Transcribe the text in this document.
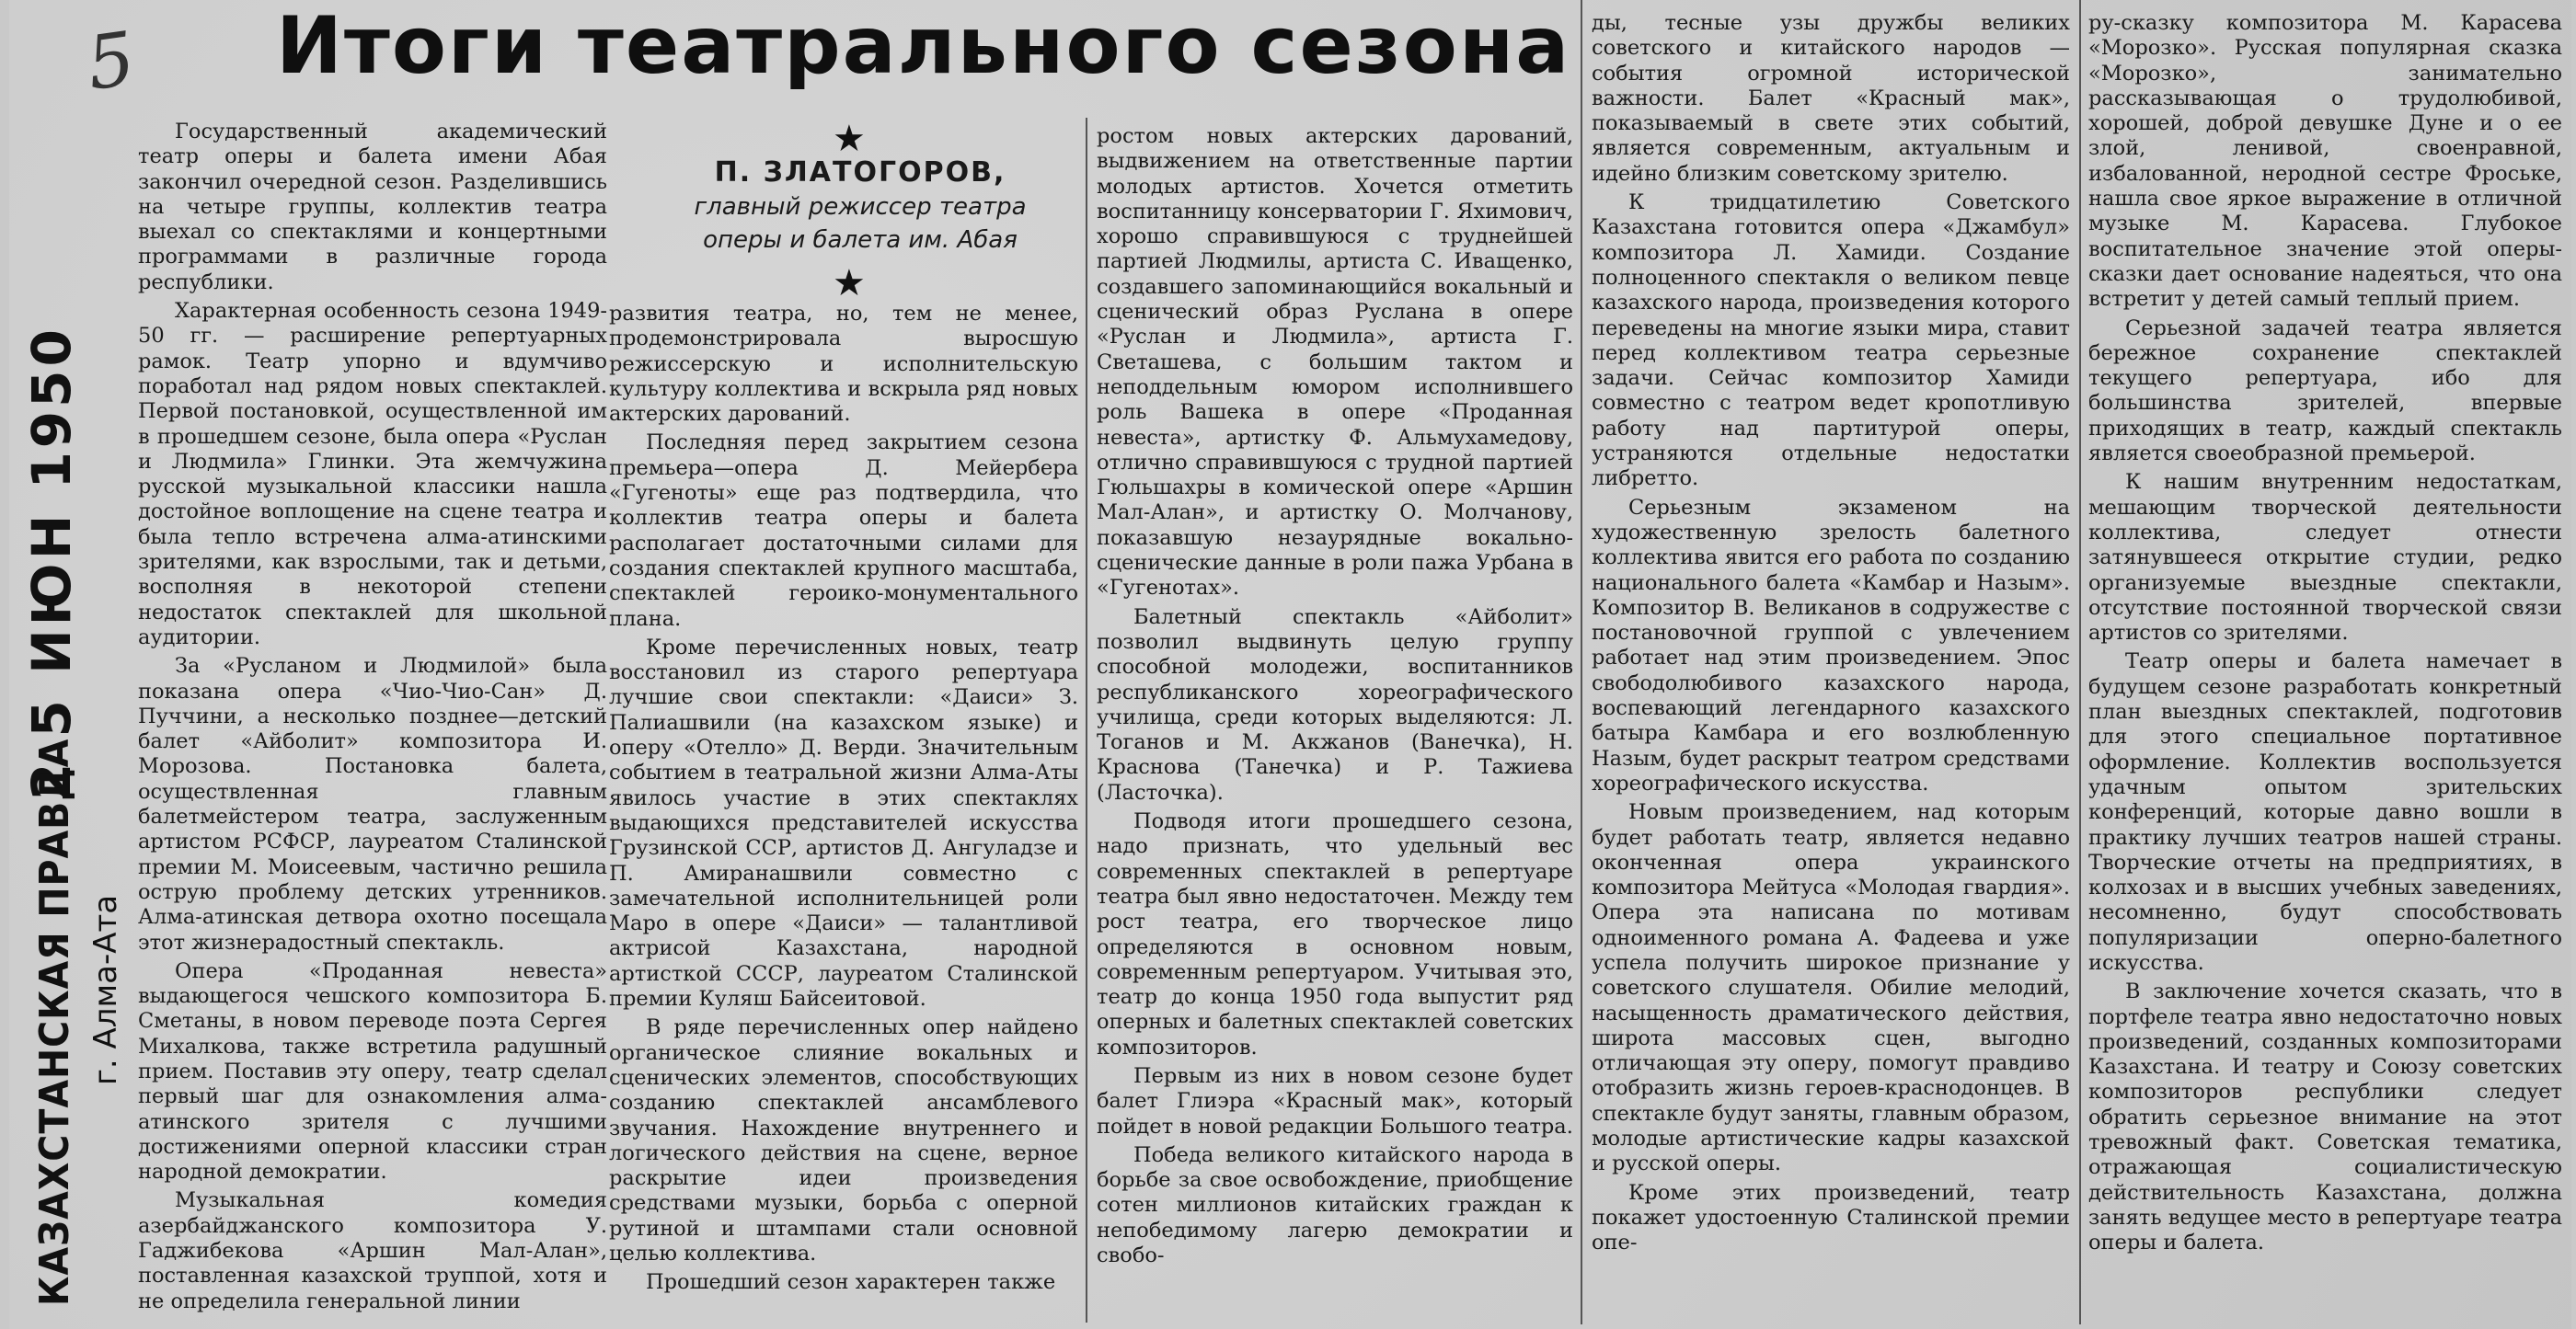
5
2 5 ИЮН 1950
КАЗАХСТАНСКАЯ ПРАВДА г. Алма-Ата
Итоги театрального сезона
★
П. ЗЛАТОГОРОВ,
главный режиссер театра
оперы и балета им. Абая
★

Государственный академический театр оперы и балета имени Абая закончил очередной сезон. Разделившись на четыре группы, коллектив театра выехал со спектаклями и концертными программами в различные города республики.

Характерная особенность сезона 1949-50 гг. — расширение репертуарных рамок. Театр упорно и вдумчиво поработал над рядом новых спектаклей. Первой постановкой, осуществленной им в прошедшем сезоне, была опера «Руслан и Людмила» Глинки. Эта жемчужина русской музыкальной классики нашла достойное воплощение на сцене театра и была тепло встречена алма-атинскими зрителями, как взрослыми, так и детьми, восполняя в некоторой степени недостаток спектаклей для школьной аудитории.

За «Русланом и Людмилой» была показана опера «Чио-Чио-Сан» Д. Пуччини, а несколько позднее—детский балет «Айболит» композитора И. Морозова. Постановка балета, осуществленная главным балетмейстером театра, заслуженным артистом РСФСР, лауреатом Сталинской премии М. Моисеевым, частично решила острую проблему детских утренников. Алма-атинская детвора охотно посещала этот жизнерадостный спектакль.

Опера «Проданная невеста» выдающегося чешского композитора Б. Сметаны, в новом переводе поэта Сергея Михалкова, также встретила радушный прием. Поставив эту оперу, театр сделал первый шаг для ознакомления алма-атинского зрителя с лучшими достижениями оперной классики стран народной демократии.

Музыкальная комедия азербайджанского композитора У. Гаджибекова «Аршин Мал-Алан», поставленная казахской труппой, хотя и не определила генеральной линии

развития театра, но, тем не менее, продемонстрировала выросшую режиссерскую и исполнительскую культуру коллектива и вскрыла ряд новых актерских дарований.

Последняя перед закрытием сезона премьера—опера Д. Мейербера «Гугеноты» еще раз подтвердила, что коллектив театра оперы и балета располагает достаточными силами для создания спектаклей крупного масштаба, спектаклей героико-монументального плана.

Кроме перечисленных новых, театр восстановил из старого репертуара лучшие свои спектакли: «Даиси» З. Палиашвили (на казахском языке) и оперу «Отелло» Д. Верди. Значительным событием в театральной жизни Алма-Аты явилось участие в этих спектаклях выдающихся представителей искусства Грузинской ССР, артистов Д. Ангуладзе и П. Амиранашвили совместно с замечательной исполнительницей роли Маро в опере «Даиси» — талантливой актрисой Казахстана, народной артисткой СССР, лауреатом Сталинской премии Куляш Байсеитовой.

В ряде перечисленных опер найдено органическое слияние вокальных и сценических элементов, способствующих созданию спектаклей ансамблевого звучания. Нахождение внутреннего и логического действия на сцене, верное раскрытие идеи произведения средствами музыки, борьба с оперной рутиной и штампами стали основной целью коллектива.

Прошедший сезон характерен также

ростом новых актерских дарований, выдвижением на ответственные партии молодых артистов. Хочется отметить воспитанницу консерватории Г. Яхимович, хорошо справившуюся с труднейшей партией Людмилы, артиста С. Иващенко, создавшего запоминающийся вокальный и сценический образ Руслана в опере «Руслан и Людмила», артиста Г. Светашева, с большим тактом и неподдельным юмором исполнившего роль Вашека в опере «Проданная невеста», артистку Ф. Альмухамедову, отлично справившуюся с трудной партией Гюльшахры в комической опере «Аршин Мал-Алан», и артистку О. Молчанову, показавшую незаурядные вокально-сценические данные в роли пажа Урбана в «Гугенотах».

Балетный спектакль «Айболит» позволил выдвинуть целую группу способной молодежи, воспитанников республиканского хореографического училища, среди которых выделяются: Л. Тоганов и М. Акжанов (Ванечка), Н. Краснова (Танечка) и Р. Тажиева (Ласточка).

Подводя итоги прошедшего сезона, надо признать, что удельный вес современных спектаклей в репертуаре театра был явно недостаточен. Между тем рост театра, его творческое лицо определяются в основном новым, современным репертуаром. Учитывая это, театр до конца 1950 года выпустит ряд оперных и балетных спектаклей советских композиторов.

Первым из них в новом сезоне будет балет Глиэра «Красный мак», который пойдет в новой редакции Большого театра.

Победа великого китайского народа в борьбе за свое освобождение, приобщение сотен миллионов китайских граждан к непобедимому лагерю демократии и свобо-

ды, тесные узы дружбы великих советского и китайского народов — события огромной исторической важности. Балет «Красный мак», показываемый в свете этих событий, является современным, актуальным и идейно близким советскому зрителю.

К тридцатилетию Советского Казахстана готовится опера «Джамбул» композитора Л. Хамиди. Создание полноценного спектакля о великом певце казахского народа, произведения которого переведены на многие языки мира, ставит перед коллективом театра серьезные задачи. Сейчас композитор Хамиди совместно с театром ведет кропотливую работу над партитурой оперы, устраняются отдельные недостатки либретто.

Серьезным экзаменом на художественную зрелость балетного коллектива явится его работа по созданию национального балета «Камбар и Назым». Композитор В. Великанов в содружестве с постановочной группой с увлечением работает над этим произведением. Эпос свободолюбивого казахского народа, воспевающий легендарного казахского батыра Камбара и его возлюбленную Назым, будет раскрыт театром средствами хореографического искусства.

Новым произведением, над которым будет работать театр, является недавно оконченная опера украинского композитора Мейтуса «Молодая гвардия». Опера эта написана по мотивам одноименного романа А. Фадеева и уже успела получить широкое признание у советского слушателя. Обилие мелодий, насыщенность драматического действия, широта массовых сцен, выгодно отличающая эту оперу, помогут правдиво отобразить жизнь героев-краснодонцев. В спектакле будут заняты, главным образом, молодые артистические кадры казахской и русской оперы.

Кроме этих произведений, театр покажет удостоенную Сталинской премии опе-

ру-сказку композитора М. Карасева «Морозко». Русская популярная сказка «Морозко», занимательно рассказывающая о трудолюбивой, хорошей, доброй девушке Дуне и о ее злой, ленивой, своенравной, избалованной, неродной сестре Фроське, нашла свое яркое выражение в отличной музыке М. Карасева. Глубокое воспитательное значение этой оперы-сказки дает основание надеяться, что она встретит у детей самый теплый прием.

Серьезной задачей театра является бережное сохранение спектаклей текущего репертуара, ибо для большинства зрителей, впервые приходящих в театр, каждый спектакль является своеобразной премьерой.

К нашим внутренним недостаткам, мешающим творческой деятельности коллектива, следует отнести затянувшееся открытие студии, редко организуемые выездные спектакли, отсутствие постоянной творческой связи артистов со зрителями.

Театр оперы и балета намечает в будущем сезоне разработать конкретный план выездных спектаклей, подготовив для этого специальное портативное оформление. Коллектив воспользуется удачным опытом зрительских конференций, которые давно вошли в практику лучших театров нашей страны. Творческие отчеты на предприятиях, в колхозах и в высших учебных заведениях, несомненно, будут способствовать популяризации оперно-балетного искусства.

В заключение хочется сказать, что в портфеле театра явно недостаточно новых произведений, созданных композиторами Казахстана. И театру и Союзу советских композиторов республики следует обратить серьезное внимание на этот тревожный факт. Советская тематика, отражающая социалистическую действительность Казахстана, должна занять ведущее место в репертуаре театра оперы и балета.
